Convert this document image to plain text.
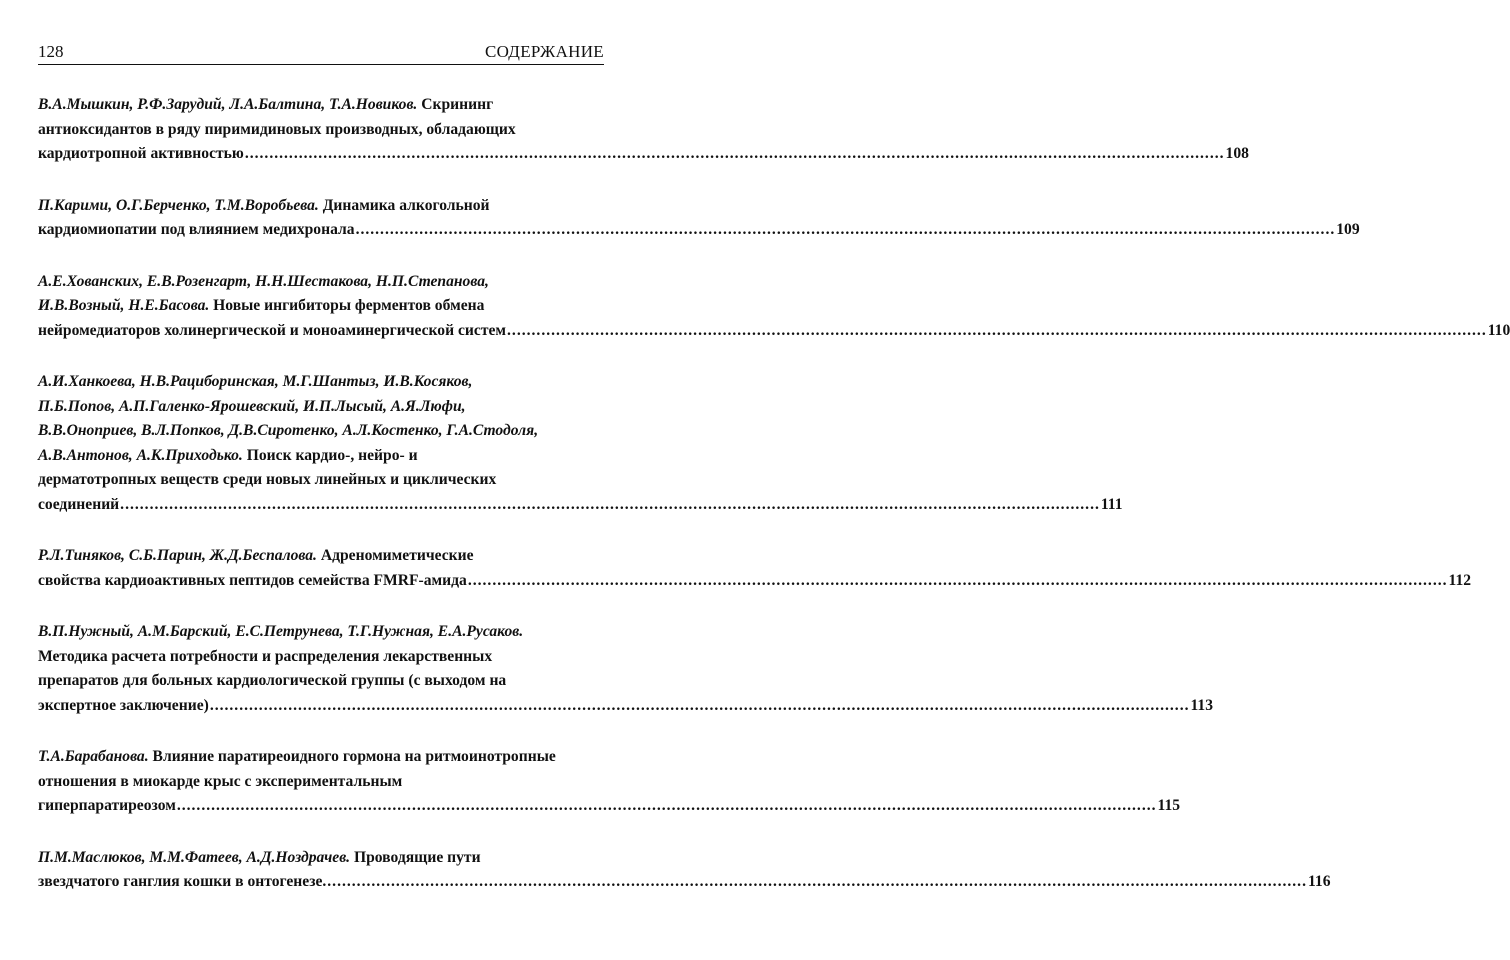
128	СОДЕРЖАНИЕ
В.А.Мышкин, Р.Ф.Зарудий, Л.А.Балтина, Т.А.Новиков. Скрининг
антиоксидантов в ряду пиримидиновых производных, обладающих
кардиотропной активностью ........................................................................................................................................................................................................ 108
П.Карими, О.Г.Берченко, Т.М.Воробьева. Динамика алкогольной
кардиомиопатии под влиянием медихронала ........................................................................................................................................................................................................ 109
А.Е.Хованских, Е.В.Розенгарт, Н.Н.Шестакова, Н.П.Степанова,
И.В.Возный, Н.Е.Басова. Новые ингибиторы ферментов обмена
нейромедиаторов холинергической и моноаминергической систем ........................................................................................................................................................................................................ 110
А.И.Ханкоева, Н.В.Рациборинская, М.Г.Шантыз, И.В.Косяков,
П.Б.Попов, А.П.Галенко-Ярошевский, И.П.Лысый, А.Я.Люфи,
В.В.Оноприев, В.Л.Попков, Д.В.Сиротенко, А.Л.Костенко, Г.А.Стодоля,
А.В.Антонов, А.К.Приходько. Поиск кардио-, нейро- и
дерматотропных веществ среди новых линейных и циклических
соединений ........................................................................................................................................................................................................ 111
Р.Л.Тиняков, С.Б.Парин, Ж.Д.Беспалова. Адреномиметические
свойства кардиоактивных пептидов семейства FMRF-амида ........................................................................................................................................................................................................ 112
В.П.Нужный, А.М.Барский, Е.С.Петрунева, Т.Г.Нужная, Е.А.Русаков.
Методика расчета потребности и распределения лекарственных
препаратов для больных кардиологической группы (с выходом на
экспертное заключение) ........................................................................................................................................................................................................ 113
Т.А.Барабанова. Влияние паратиреоидного гормона на ритмоинотропные
отношения в миокарде крыс с экспериментальным
гиперпаратиреозом ........................................................................................................................................................................................................ 115
П.М.Маслюков, М.М.Фатеев, А.Д.Ноздрачев. Проводящие пути
звездчатого ганглия кошки в онтогенезе. ........................................................................................................................................................................................................ 116
